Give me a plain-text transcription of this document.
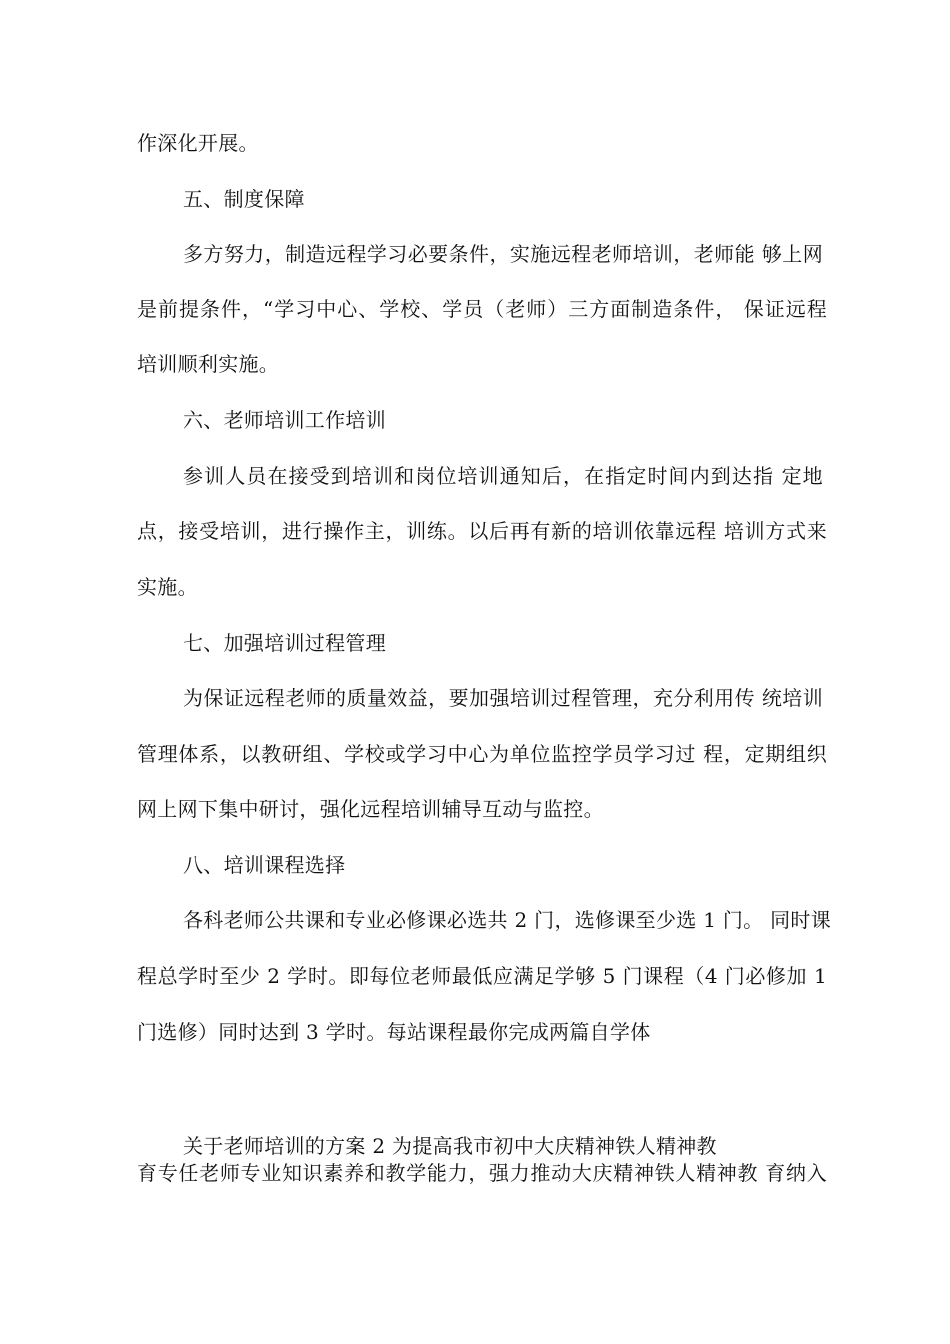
作深化开展。
五、制度保障
多方努力，制造远程学习必要条件，实施远程老师培训，老师能 够上网
是前提条件，“学习中心、学校、学员（老师）三方面制造条件， 保证远程
培训顺利实施。
六、老师培训工作培训
参训人员在接受到培训和岗位培训通知后，在指定时间内到达指 定地
点，接受培训，进行操作主，训练。以后再有新的培训依靠远程 培训方式来
实施。
七、加强培训过程管理
为保证远程老师的质量效益，要加强培训过程管理，充分利用传 统培训
管理体系，以教研组、学校或学习中心为单位监控学员学习过 程，定期组织
网上网下集中研讨，强化远程培训辅导互动与监控。
八、培训课程选择
各科老师公共课和专业必修课必选共 2 门，选修课至少选 1 门。 同时课
程总学时至少 2 学时。即每位老师最低应满足学够 5 门课程（4 门必修加 1
门选修）同时达到 3 学时。每站课程最你完成两篇自学体
关于老师培训的方案 2 为提高我市初中大庆精神铁人精神教
育专任老师专业知识素养和教学能力，强力推动大庆精神铁人精神教 育纳入
